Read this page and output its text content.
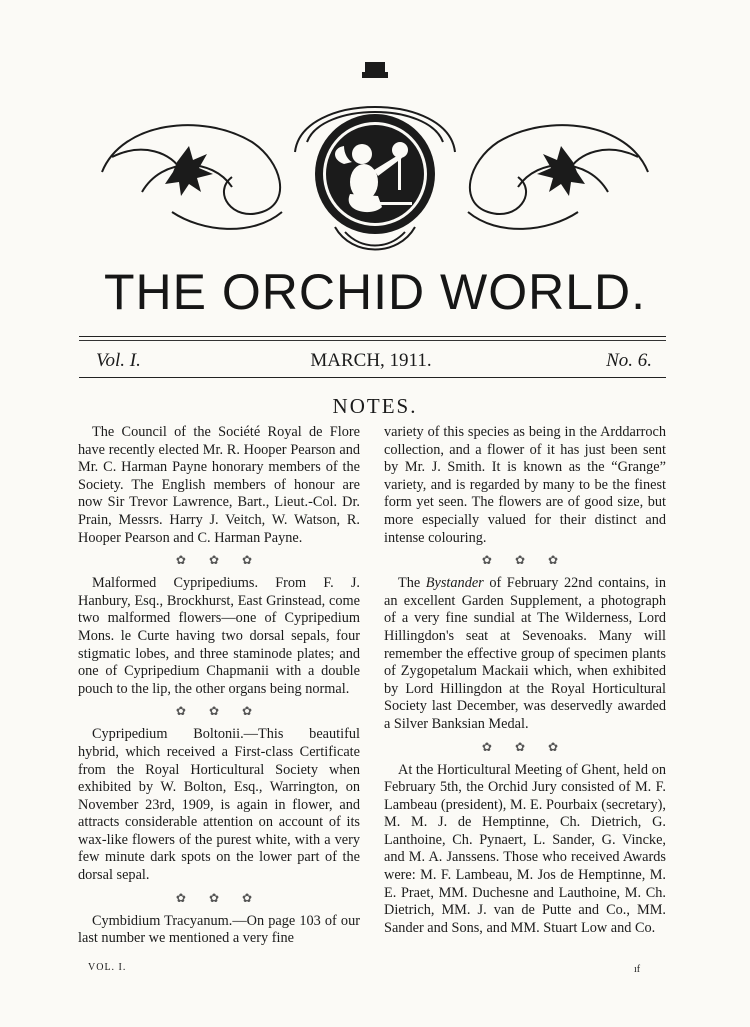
THE ORCHID WORLD.
Vol. I.	MARCH, 1911.	No. 6.
NOTES.

The Council of the Société Royal de Flore have recently elected Mr. R. Hooper Pearson and Mr. C. Harman Payne honorary members of the Society. The English members of honour are now Sir Trevor Lawrence, Bart., Lieut.-Col. Dr. Prain, Messrs. Harry J. Veitch, W. Watson, R. Hooper Pearson and C. Harman Payne.

✿ ✿ ✿

Malformed Cypripediums. From F. J. Hanbury, Esq., Brockhurst, East Grinstead, come two malformed flowers—one of Cypripedium Mons. le Curte having two dorsal sepals, four stigmatic lobes, and three staminode plates; and one of Cypripedium Chapmanii with a double pouch to the lip, the other organs being normal.

✿ ✿ ✿

Cypripedium Boltonii.—This beautiful hybrid, which received a First-class Certificate from the Royal Horticultural Society when exhibited by W. Bolton, Esq., Warrington, on November 23rd, 1909, is again in flower, and attracts considerable attention on account of its wax-like flowers of the purest white, with a very few minute dark spots on the lower part of the dorsal sepal.

✿ ✿ ✿

Cymbidium Tracyanum.—On page 103 of our last number we mentioned a very fine

variety of this species as being in the Arddarroch collection, and a flower of it has just been sent by Mr. J. Smith. It is known as the “Grange” variety, and is regarded by many to be the finest form yet seen. The flowers are of good size, but more especially valued for their distinct and intense colouring.

✿ ✿ ✿

The Bystander of February 22nd contains, in an excellent Garden Supplement, a photograph of a very fine sundial at The Wilderness, Lord Hillingdon's seat at Sevenoaks. Many will remember the effective group of specimen plants of Zygopetalum Mackaii which, when exhibited by Lord Hillingdon at the Royal Horticultural Society last December, was deservedly awarded a Silver Banksian Medal.

✿ ✿ ✿

At the Horticultural Meeting of Ghent, held on February 5th, the Orchid Jury consisted of M. F. Lambeau (president), M. E. Pourbaix (secretary), M. M. J. de Hemptinne, Ch. Dietrich, G. Lanthoine, Ch. Pynaert, L. Sander, G. Vincke, and M. A. Janssens. Those who received Awards were: M. F. Lambeau, M. Jos de Hemptinne, M. E. Praet, MM. Duchesne and Lauthoine, M. Ch. Dietrich, MM. J. van de Putte and Co., MM. Sander and Sons, and MM. Stuart Low and Co.

VOL. I.	ıf
